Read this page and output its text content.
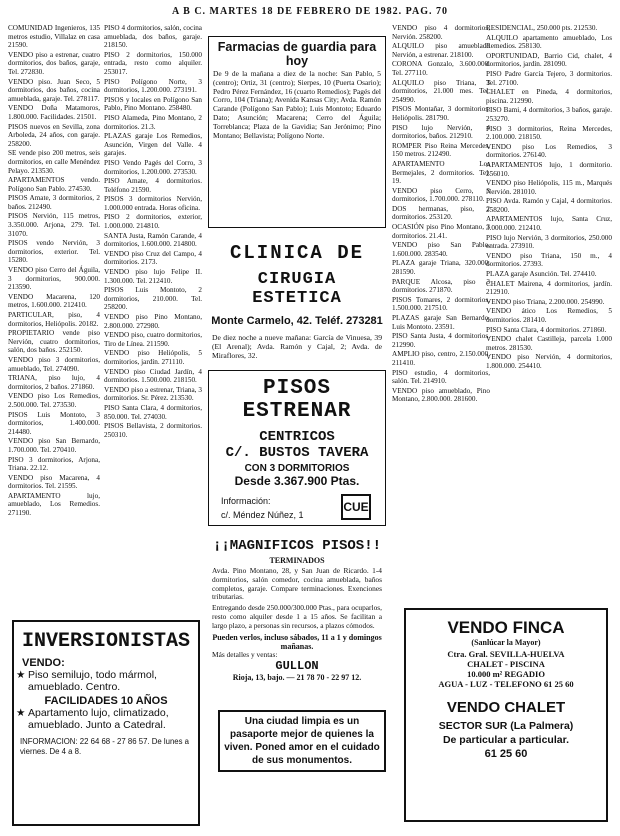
A B C. MARTES 18 DE FEBRERO DE 1982. PAG. 70

COMUNIDAD Ingenieros, 135 metros estudio, Villalaz en casa 21590.

VENDO piso a estrenar, cuatro dormitorios, dos baños, garaje, Tel. 272830.

VENDO piso. Juan Seco, 5 dormitorios, dos baños, cocina amueblada, garaje. Tel. 278117.

VENDO Doña Matamoros, 1.800.000. Facilidades. 21501.

PISOS nuevos en Sevilla, zona Arboleda, 24 años, con garaje. 258200.

SE vende piso 200 metros, seis dormitorios, en calle Menéndez Pelayo. 213530.

APARTAMENTOS vendo. Polígono San Pablo. 274530.

PISOS Amate, 3 dormitorios, 2 baños. 212490.

PISOS Nervión, 115 metros, 3.350.000. Arjona, 279. Tel. 31070.

PISOS vendo Nervión, 3 dormitorios, exterior. Tel. 15280.

VENDO piso Cerro del Águila, 3 dormitorios, 900.000. 213590.

VENDO Macarena, 120 metros, 1.600.000. 212410.

PARTICULAR, piso, 4 dormitorios, Heliópolis. 20182.

PROPIETARIO vende piso Nervión, cuatro dormitorios, salón, dos baños. 252150.

VENDO piso 3 dormitorios, amueblado, Tel. 274090.

TRIANA, piso lujo, 4 dormitorios, 2 baños. 271860.

VENDO piso Los Remedios, 2.500.000. Tel. 273530.

PISOS Luis Montoto, 3 dormitorios, 1.400.000. 214480.

VENDO piso San Bernardo, 1.700.000. Tel. 270410.

PISO 3 dormitorios, Arjona, Triana. 22.12.

VENDO piso Macarena, 4 dormitorios. Tel. 21595.

APARTAMENTO lujo, amueblado, Los Remedios. 271190.

PISO 4 dormitorios, salón, cocina amueblada, dos baños, garaje. 218150.

PISO 2 dormitorios, 150.000 entrada, resto como alquiler. 253017.

PISO Polígono Norte, 3 dormitorios, 1.200.000. 273191.

PISOS y locales en Polígono San Pablo, Pino Montano. 258480.

PISO Alameda, Pino Montano, 2 dormitorios. 21.3.

PLAZAS garaje Los Remedios, Asunción, Virgen del Valle. 4 garajes.

PISO Vendo Pagés del Corro, 3 dormitorios, 1.200.000. 273530.

PISO Amate, 4 dormitorios. Teléfono 21590.

PISOS 3 dormitorios Nervión, 1.000.000 entrada. Horas oficina.

PISO 2 dormitorios, exterior, 1.000.000. 214810.

SANTA Justa, Ramón Carande, 4 dormitorios, 1.600.000. 214800.

VENDO piso Cruz del Campo, 4 dormitorios. 2173.

VENDO piso lujo Felipe II. 1.300.000. Tel. 212410.

PISOS Luis Montoto, 2 dormitorios, 210.000. Tel. 258200.

VENDO piso Pino Montano, 2.800.000. 272980.

VENDO piso, cuatro dormitorios, Tiro de Línea. 211590.

VENDO piso Heliópolis, 5 dormitorios, jardín. 271110.

VENDO piso Ciudad Jardín, 4 dormitorios. 1.500.000. 218150.

VENDO piso a estrenar, Triana, 3 dormitorios. Sr. Pérez. 213530.

PISO Santa Clara, 4 dormitorios, 850.000. Tel. 274030.

PISOS Bellavista, 2 dormitorios. 250310.

VENDO piso 4 dormitorios, Nervión. 258200.

ALQUILO piso amueblado Nervión, a estrenar. 218100.

CORONA Gonzalo, 3.600.000. Tel. 277110.

ALQUILO piso Triana, 3 dormitorios, 21.000 mes. Tel. 254990.

PISOS Montañar, 3 dormitorios, Heliópolis. 281790.

PISO lujo Nervión, 4 dormitorios, baños. 212910.

ROMPER Piso Reina Mercedes, 150 metros. 212490.

APARTAMENTO Los Bermejales, 2 dormitorios. Tel. 19.

VENDO piso Cerro, 3 dormitorios, 1.700.000. 278110.

DOS hermanas, piso, 2 dormitorios. 253120.

OCASIÓN piso Pino Montano, 3 dormitorios. 21.41.

VENDO piso San Pablo, 1.600.000. 283540.

PLAZA garaje Triana, 320.000. 281590.

PARQUE Alcosa, piso 3 dormitorios. 271870.

PISOS Tomares, 2 dormitorios, 1.500.000. 217510.

PLAZAS garaje San Bernardo, Luis Montoto. 23591.

PISO Santa Justa, 4 dormitorios. 212990.

AMPLIO piso, centro, 2.150.000. 211410.

PISO estudio, 4 dormitorios, salón. Tel. 214910.

VENDO piso amueblado, Pino Montano, 2.800.000. 281600.

RESIDENCIAL, 250.000 pts. 212530.

ALQUILO apartamento amueblado, Los Remedios. 258130.

OPORTUNIDAD, Barrio Cid, chalet, 4 dormitorios, jardín. 281090.

PISO Padre García Tejero, 3 dormitorios. Tel. 27100.

CHALET en Pineda, 4 dormitorios, piscina. 212990.

PISO Bami, 4 dormitorios, 3 baños, garaje. 253270.

PISO 3 dormitorios, Reina Mercedes, 2.100.000. 218150.

VENDO piso Los Remedios, 3 dormitorios. 276140.

APARTAMENTOS lujo, 1 dormitorio. 256010.

VENDO piso Heliópolis, 115 m., Marqués Nervión. 281010.

PISO Avda. Ramón y Cajal, 4 dormitorios. 258200.

APARTAMENTOS lujo, Santa Cruz, 3.000.000. 212410.

PISO lujo Nervión, 3 dormitorios, 250.000 entrada. 273910.

VENDO piso Triana, 150 m., 4 dormitorios. 27393.

PLAZA garaje Asunción. Tel. 274410.

CHALET Mairena, 4 dormitorios, jardín. 212910.

VENDO piso Triana, 2.200.000. 254990.

VENDO ático Los Remedios, 5 dormitorios. 281410.

PISO Santa Clara, 4 dormitorios. 271860.

VENDO chalet Castilleja, parcela 1.000 metros. 281530.

VENDO piso Nervión, 4 dormitorios, 1.800.000. 254410.

Farmacias de guardia para hoy
De 9 de la mañana a diez de la noche: San Pablo, 5 (centro); Ortiz, 31 (centro); Sierpes, 10 (Puerta Osario); Pedro Pérez Fernández, 16 (cuarto Remedios); Pagés del Corro, 104 (Triana); Avenida Kansas City; Avda. Ramón Carande (Polígono San Pablo); Luis Montoto; Eduardo Dato; Asunción; Macarena; Cerro del Águila; Torreblanca; Plaza de la Gavidia; San Jerónimo; Pino Montano; Bellavista; Polígono Norte.
CLINICA DE
CIRUGIA ESTETICA
Monte Carmelo, 42. Teléf. 273281
De diez noche a nueve mañana: García de Vinuesa, 39 (El Arenal); Avda. Ramón y Cajal, 2; Avda. de Miraflores, 32.
PISOS ESTRENAR
CENTRICOS
C/. BUSTOS TAVERA
CON 3 DORMITORIOS
Desde 3.367.900 Ptas.
Información:
c/. Méndez Núñez, 1
CUE
¡¡MAGNIFICOS PISOS!!
TERMINADOS
Avda. Pino Montano, 28, y San Juan de Ricardo. 1-4 dormitorios, salón comedor, cocina amueblada, baños completos, garaje. Compare terminaciones. Exenciones tributarias.
Entregando desde 250.000/300.000 Ptas., para ocuparlos, resto como alquiler desde 1 a 15 años. Se facilitan a largo plazo, a personas sin recursos, a plazos cómodos.
Pueden verlos, incluso sábados, 11 a 1 y domingos mañanas.
Más detalles y ventas:
GULLON
Rioja, 13, bajo. — 21 78 70 - 22 97 12.
Una ciudad limpia es un pasaporte mejor de quienes la viven. Poned amor en el cuidado de sus monumentos.
INVERSIONISTAS
VENDO:
★ Piso semilujo, todo mármol, amueblado. Centro.
FACILIDADES 10 AÑOS
★ Apartamento lujo, climatizado, amueblado. Junto a Catedral.
INFORMACION: 22 64 68 - 27 86 57. De lunes a viernes. De 4 a 8.
VENDO FINCA
(Sanlúcar la Mayor)
Ctra. Gral. SEVILLA-HUELVA
CHALET - PISCINA
10.000 m² REGADIO
AGUA - LUZ - TELEFONO 61 25 60
VENDO CHALET
SECTOR SUR (La Palmera)
De particular a particular.
61 25 60
